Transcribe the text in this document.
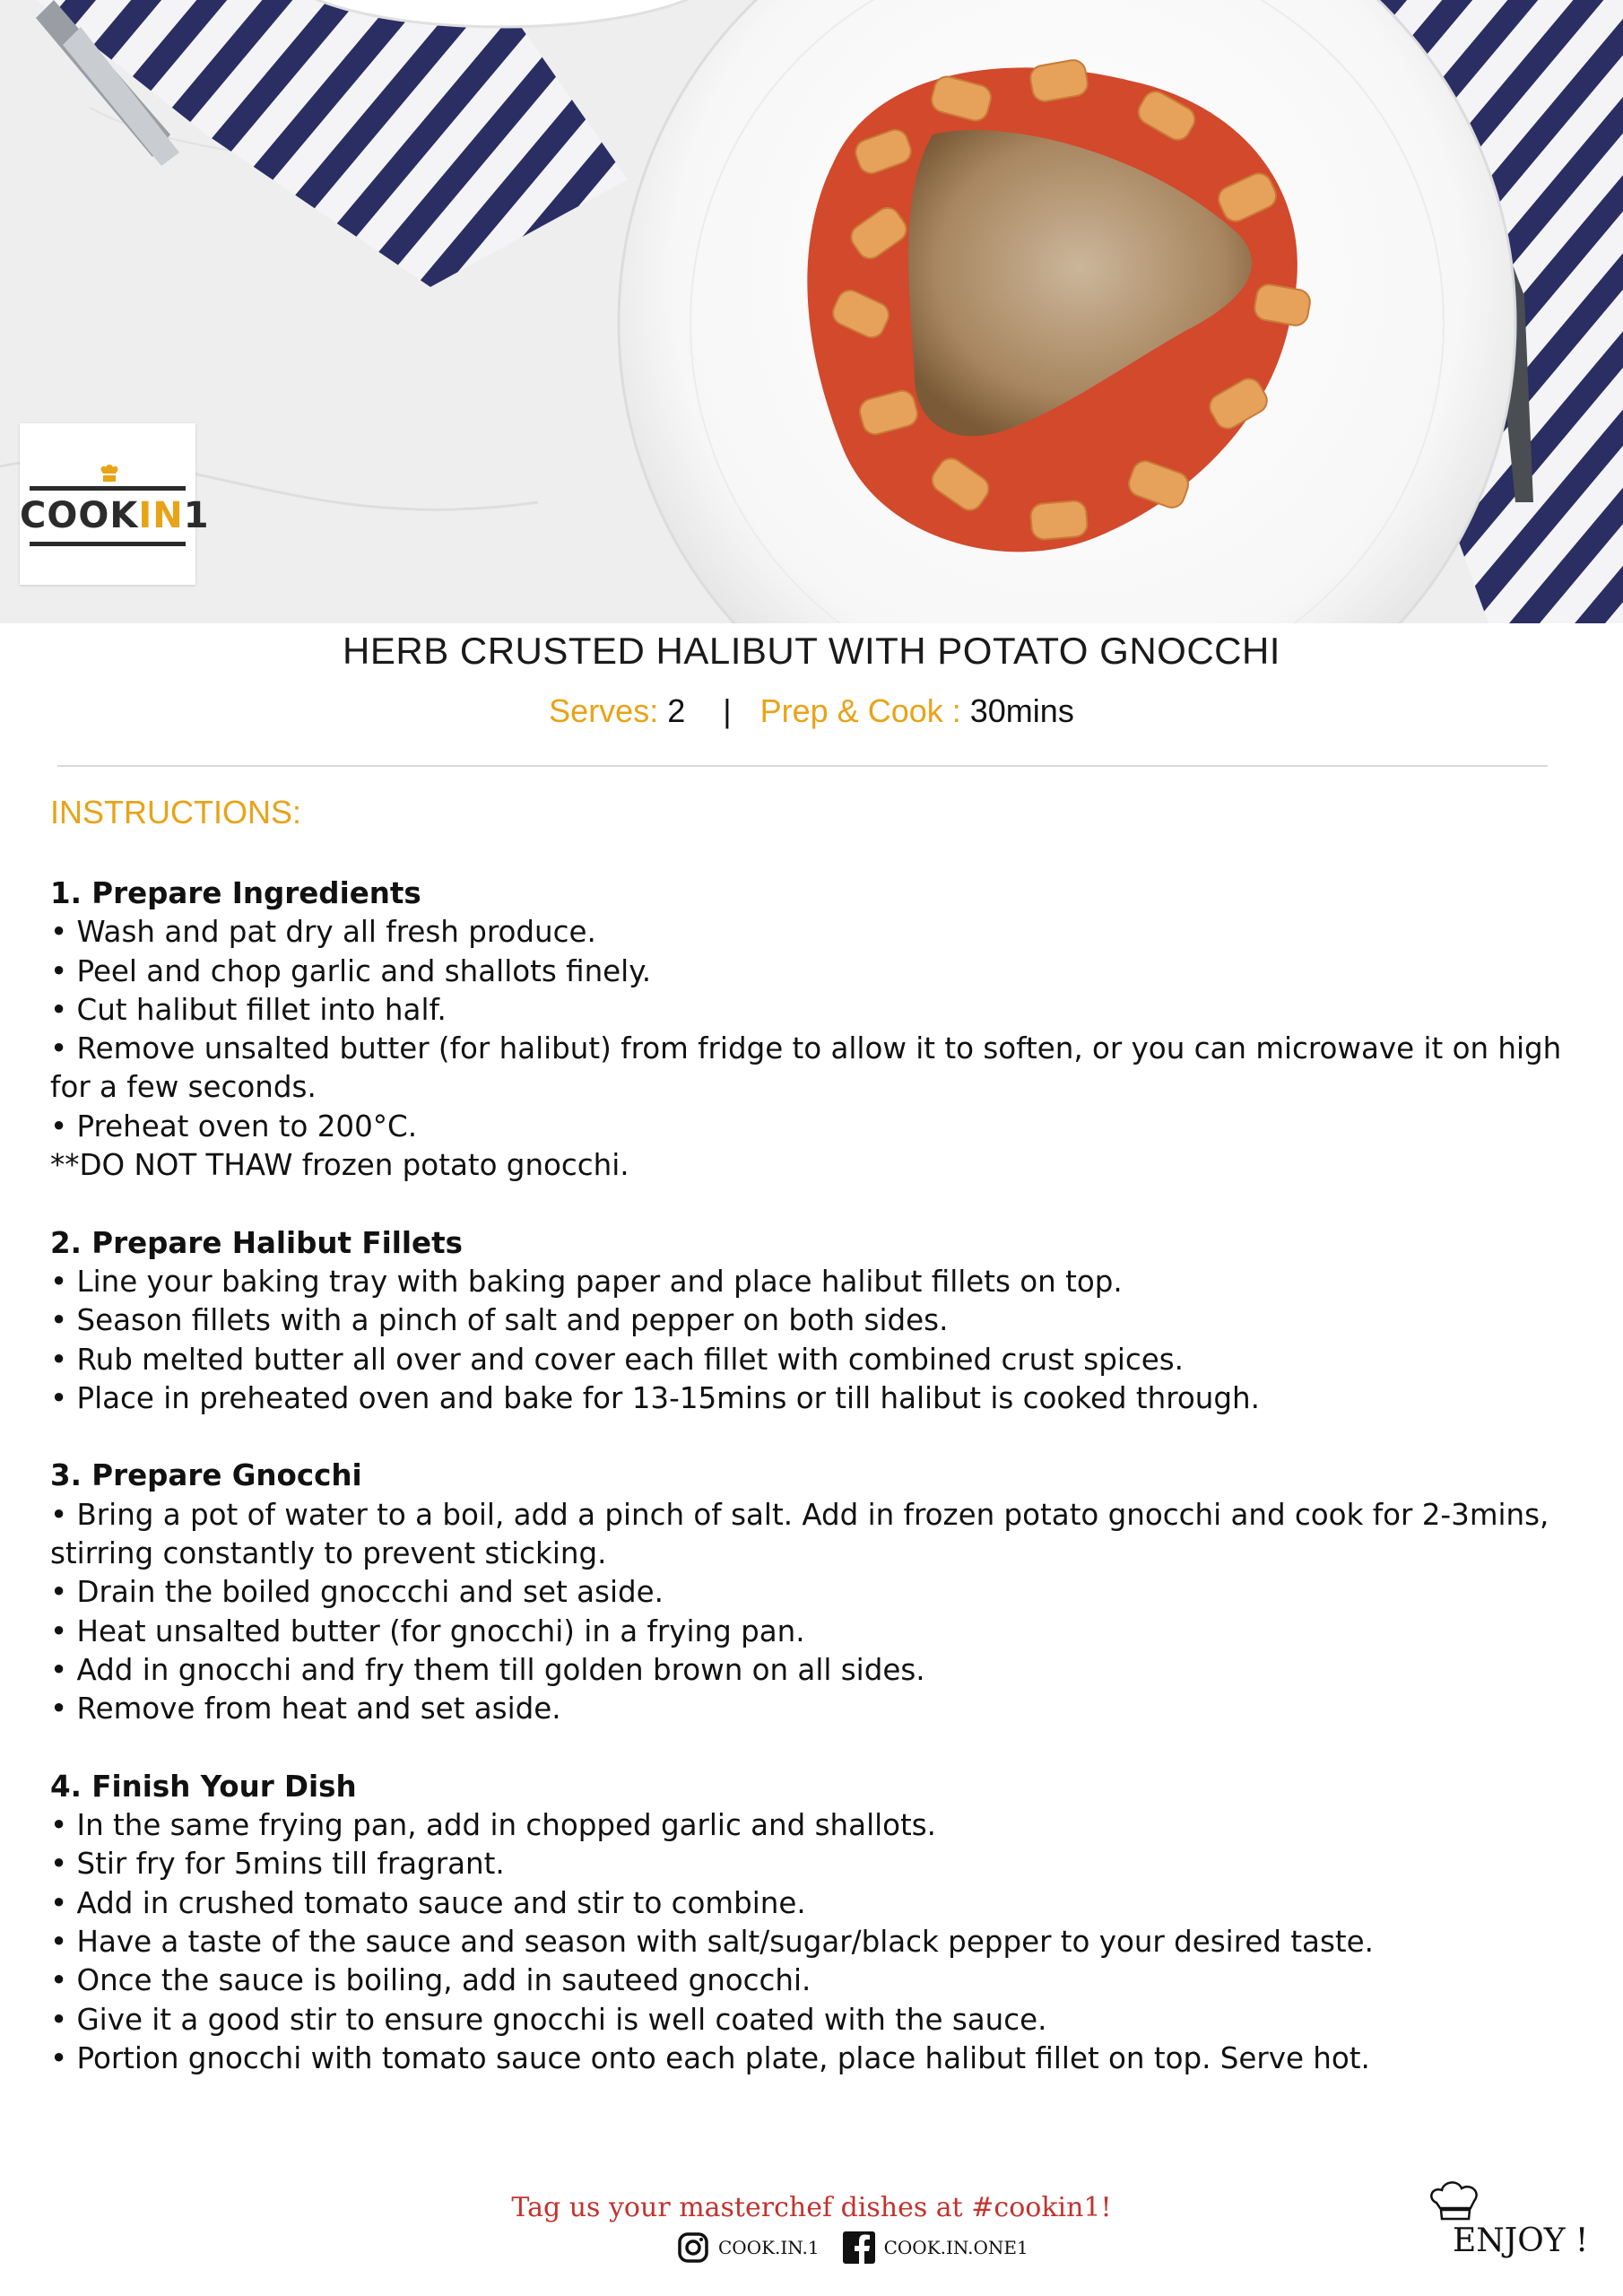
COOKIN1
HERB CRUSTED HALIBUT WITH POTATO GNOCCHI
Serves: 2 | Prep & Cook : 30mins
INSTRUCTIONS:
1. Prepare Ingredients

• Wash and pat dry all fresh produce.

• Peel and chop garlic and shallots finely.

• Cut halibut fillet into half.

• Remove unsalted butter (for halibut) from fridge to allow it to soften, or you can microwave it on high for a few seconds.

• Preheat oven to 200°C.

**DO NOT THAW frozen potato gnocchi.

2. Prepare Halibut Fillets

• Line your baking tray with baking paper and place halibut fillets on top.

• Season fillets with a pinch of salt and pepper on both sides.

• Rub melted butter all over and cover each fillet with combined crust spices.

• Place in preheated oven and bake for 13-15mins or till halibut is cooked through.

3. Prepare Gnocchi

• Bring a pot of water to a boil, add a pinch of salt. Add in frozen potato gnocchi and cook for 2-3mins, stirring constantly to prevent sticking.

• Drain the boiled gnoccchi and set aside.

• Heat unsalted butter (for gnocchi) in a frying pan.

• Add in gnocchi and fry them till golden brown on all sides.

• Remove from heat and set aside.

4. Finish Your Dish

• In the same frying pan, add in chopped garlic and shallots.

• Stir fry for 5mins till fragrant.

• Add in crushed tomato sauce and stir to combine.

• Have a taste of the sauce and season with salt/sugar/black pepper to your desired taste.

• Once the sauce is boiling, add in sauteed gnocchi.

• Give it a good stir to ensure gnocchi is well coated with the sauce.

• Portion gnocchi with tomato sauce onto each plate, place halibut fillet on top. Serve hot.

Tag us your masterchef dishes at #cookin1!
COOK.IN.1	COOK.IN.ONE1	ENJOY !
